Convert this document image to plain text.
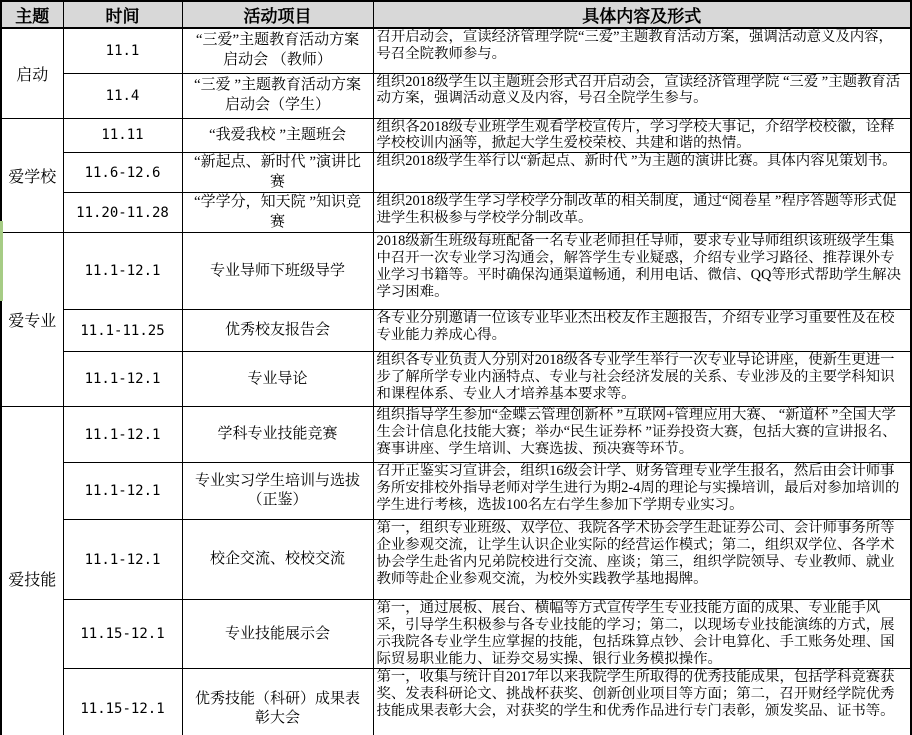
主题	时间	活动项目	具体内容及形式
启动	11.1	“三爱”主题教育活动方案启动会 （教师）	召开启动会，宣读经济管理学院“三爱”主题教育活动方案，强调活动意义及内容，号召全院教师参与。
	11.4	“三爱 ”主题教育活动方案启动会（学生）	组织2018级学生以主题班会形式召开启动会，宣读经济管理学院 “三爱 ”主题教育活动方案，强调活动意义及内容，号召全院学生参与。
爱学校	11.11	“我爱我校 ”主题班会	组织各2018级专业班学生观看学校宣传片，学习学校大事记，介绍学校校徽，诠释学校校训内涵等，掀起大学生爱校荣校、共建和谐的热情。
	11.6-12.6	“新起点、新时代 ”演讲比赛	组织2018级学生举行以“新起点、新时代 ”为主题的演讲比赛。具体内容见策划书。
	11.20-11.28	“学学分，知天院 ”知识竞赛	组织2018级学生学习学校学分制改革的相关制度，通过“阅卷星 ”程序答题等形式促进学生积极参与学校学分制改革。
爱专业	11.1-12.1	专业导师下班级导学	2018级新生班级每班配备一名专业老师担任导师，要求专业导师组织该班级学生集中召开一次专业学习沟通会，解答学生专业疑惑，介绍专业学习路径、推荐课外专业学习书籍等。平时确保沟通渠道畅通，利用电话、微信、QQ等形式帮助学生解决学习困难。
	11.1-11.25	优秀校友报告会	各专业分别邀请一位该专业毕业杰出校友作主题报告，介绍专业学习重要性及在校专业能力养成心得。
	11.1-12.1	专业导论	组织各专业负责人分别对2018级各专业学生举行一次专业导论讲座，使新生更进一步了解所学专业内涵特点、专业与社会经济发展的关系、专业涉及的主要学科知识和课程体系、专业人才培养基本要求等。
爱技能	11.1-12.1	学科专业技能竞赛	组织指导学生参加“金蝶云管理创新杯 ”互联网+管理应用大赛、 “新道杯 ”全国大学生会计信息化技能大赛；举办“民生证券杯 ”证券投资大赛，包括大赛的宣讲报名、赛事讲座、学生培训、大赛选拔、预决赛等环节。
	11.1-12.1	专业实习学生培训与选拔（正鉴）	召开正鉴实习宣讲会，组织16级会计学、财务管理专业学生报名，然后由会计师事务所安排校外指导老师对学生进行为期2-4周的理论与实操培训，最后对参加培训的学生进行考核，选拔100名左右学生参加下学期专业实习。
	11.1-12.1	校企交流、校校交流	第一，组织专业班级、双学位、我院各学术协会学生赴证券公司、会计师事务所等企业参观交流，让学生认识企业实际的经营运作模式；第二，组织双学位、各学术协会学生赴省内兄弟院校进行交流、座谈；第三，组织学院领导、专业教师、就业教师等赴企业参观交流，为校外实践教学基地揭牌。
	11.15-12.1	专业技能展示会	第一，通过展板、展台、横幅等方式宣传学生专业技能方面的成果、专业能手风采，引导学生积极参与各专业技能的学习；第二，以现场专业技能演练的方式，展示我院各专业学生应掌握的技能，包括珠算点钞、会计电算化、手工账务处理、国际贸易职业能力、证券交易实操、银行业务模拟操作。
	11.15-12.1	优秀技能（科研）成果表彰大会	第一，收集与统计自2017年以来我院学生所取得的优秀技能成果，包括学科竞赛获奖、发表科研论文、挑战杯获奖、创新创业项目等方面；第二，召开财经学院优秀技能成果表彰大会，对获奖的学生和优秀作品进行专门表彰，颁发奖品、证书等。
